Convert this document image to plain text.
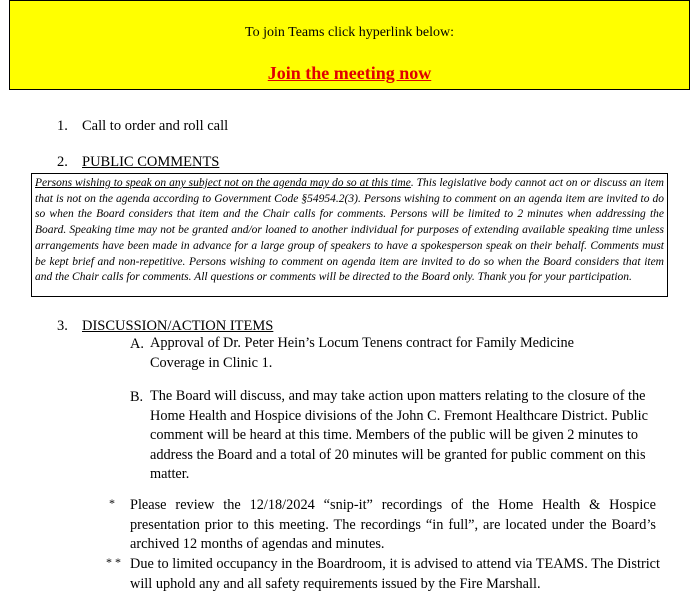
To join Teams click hyperlink below:
Join the meeting now
1. Call to order and roll call
2. PUBLIC COMMENTS

Persons wishing to speak on any subject not on the agenda may do so at this time. This legislative body cannot act on or discuss an item that is not on the agenda according to Government Code §54954.2(3). Persons wishing to comment on an agenda item are invited to do so when the Board considers that item and the Chair calls for comments. Persons will be limited to 2 minutes when addressing the Board. Speaking time may not be granted and/or loaned to another individual for purposes of extending available speaking time unless arrangements have been made in advance for a large group of speakers to have a spokesperson speak on their behalf. Comments must be kept brief and non-repetitive. Persons wishing to comment on agenda item are invited to do so when the Board considers that item and the Chair calls for comments. All questions or comments will be directed to the Board only. Thank you for your participation.

3. DISCUSSION/ACTION ITEMS
A. Approval of Dr. Peter Hein’s Locum Tenens contract for Family Medicine Coverage in Clinic 1.
B. The Board will discuss, and may take action upon matters relating to the closure of the Home Health and Hospice divisions of the John C. Fremont Healthcare District. Public comment will be heard at this time. Members of the public will be given 2 minutes to address the Board and a total of 20 minutes will be granted for public comment on this matter.
* Please review the 12/18/2024 “snip-it” recordings of the Home Health & Hospice presentation prior to this meeting. The recordings “in full”, are located under the Board’s archived 12 months of agendas and minutes.
* * Due to limited occupancy in the Boardroom, it is advised to attend via TEAMS. The District will uphold any and all safety requirements issued by the Fire Marshall.
